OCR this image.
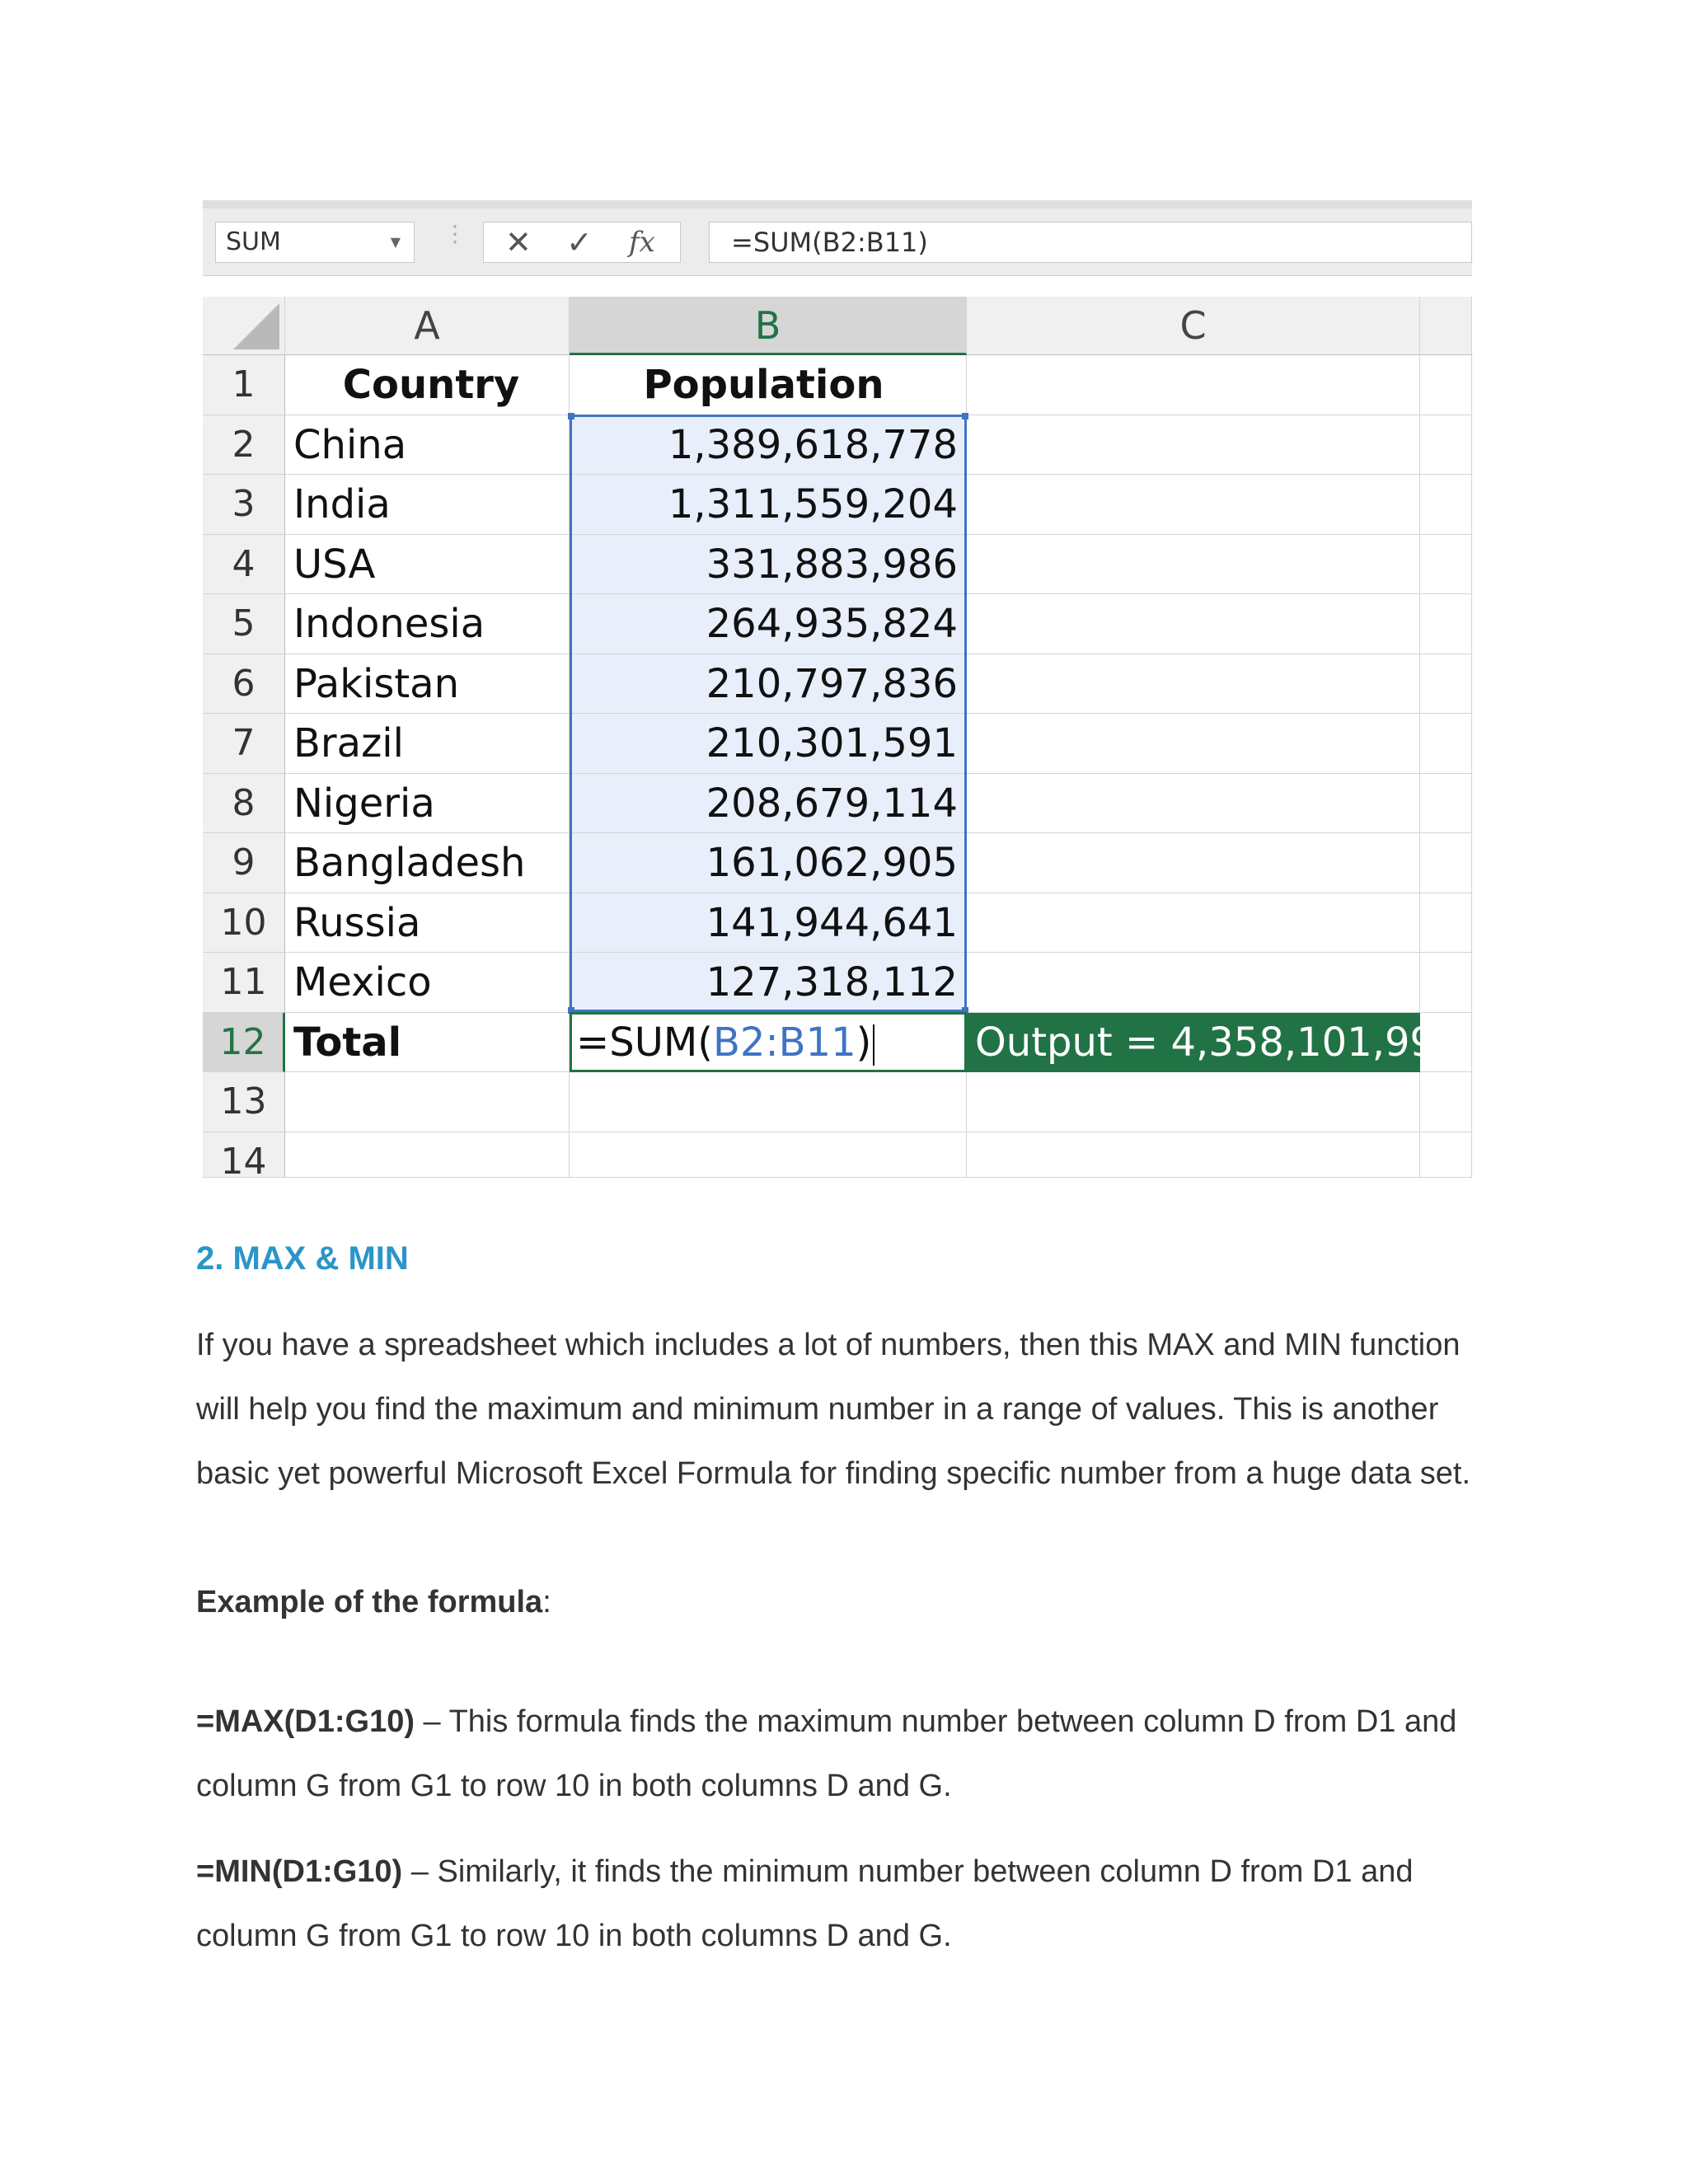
SUM	▼ ⋮ ✕ ✓ fx	=SUM(B2:B11)
A	B	C
1	Country	Population
2 China	1,389,618,778
3 India	1,311,559,204
4 USA	331,883,986
5 Indonesia	264,935,824
6 Pakistan	210,797,836
7 Brazil	210,301,591
8 Nigeria	208,679,114
9 Bangladesh	161,062,905
10 Russia	141,944,641
11 Mexico	127,318,112
12 Total	=SUM(B2:B11)	Output = 4,358,101,991
13
14
2. MAX & MIN

If you have a spreadsheet which includes a lot of numbers, then this MAX and MIN function will help you find the maximum and minimum number in a range of values. This is another basic yet powerful Microsoft Excel Formula for finding specific number from a huge data set.

Example of the formula:

=MAX(D1:G10) – This formula finds the maximum number between column D from D1 and column G from G1 to row 10 in both columns D and G.

=MIN(D1:G10) – Similarly, it finds the minimum number between column D from D1 and column G from G1 to row 10 in both columns D and G.
